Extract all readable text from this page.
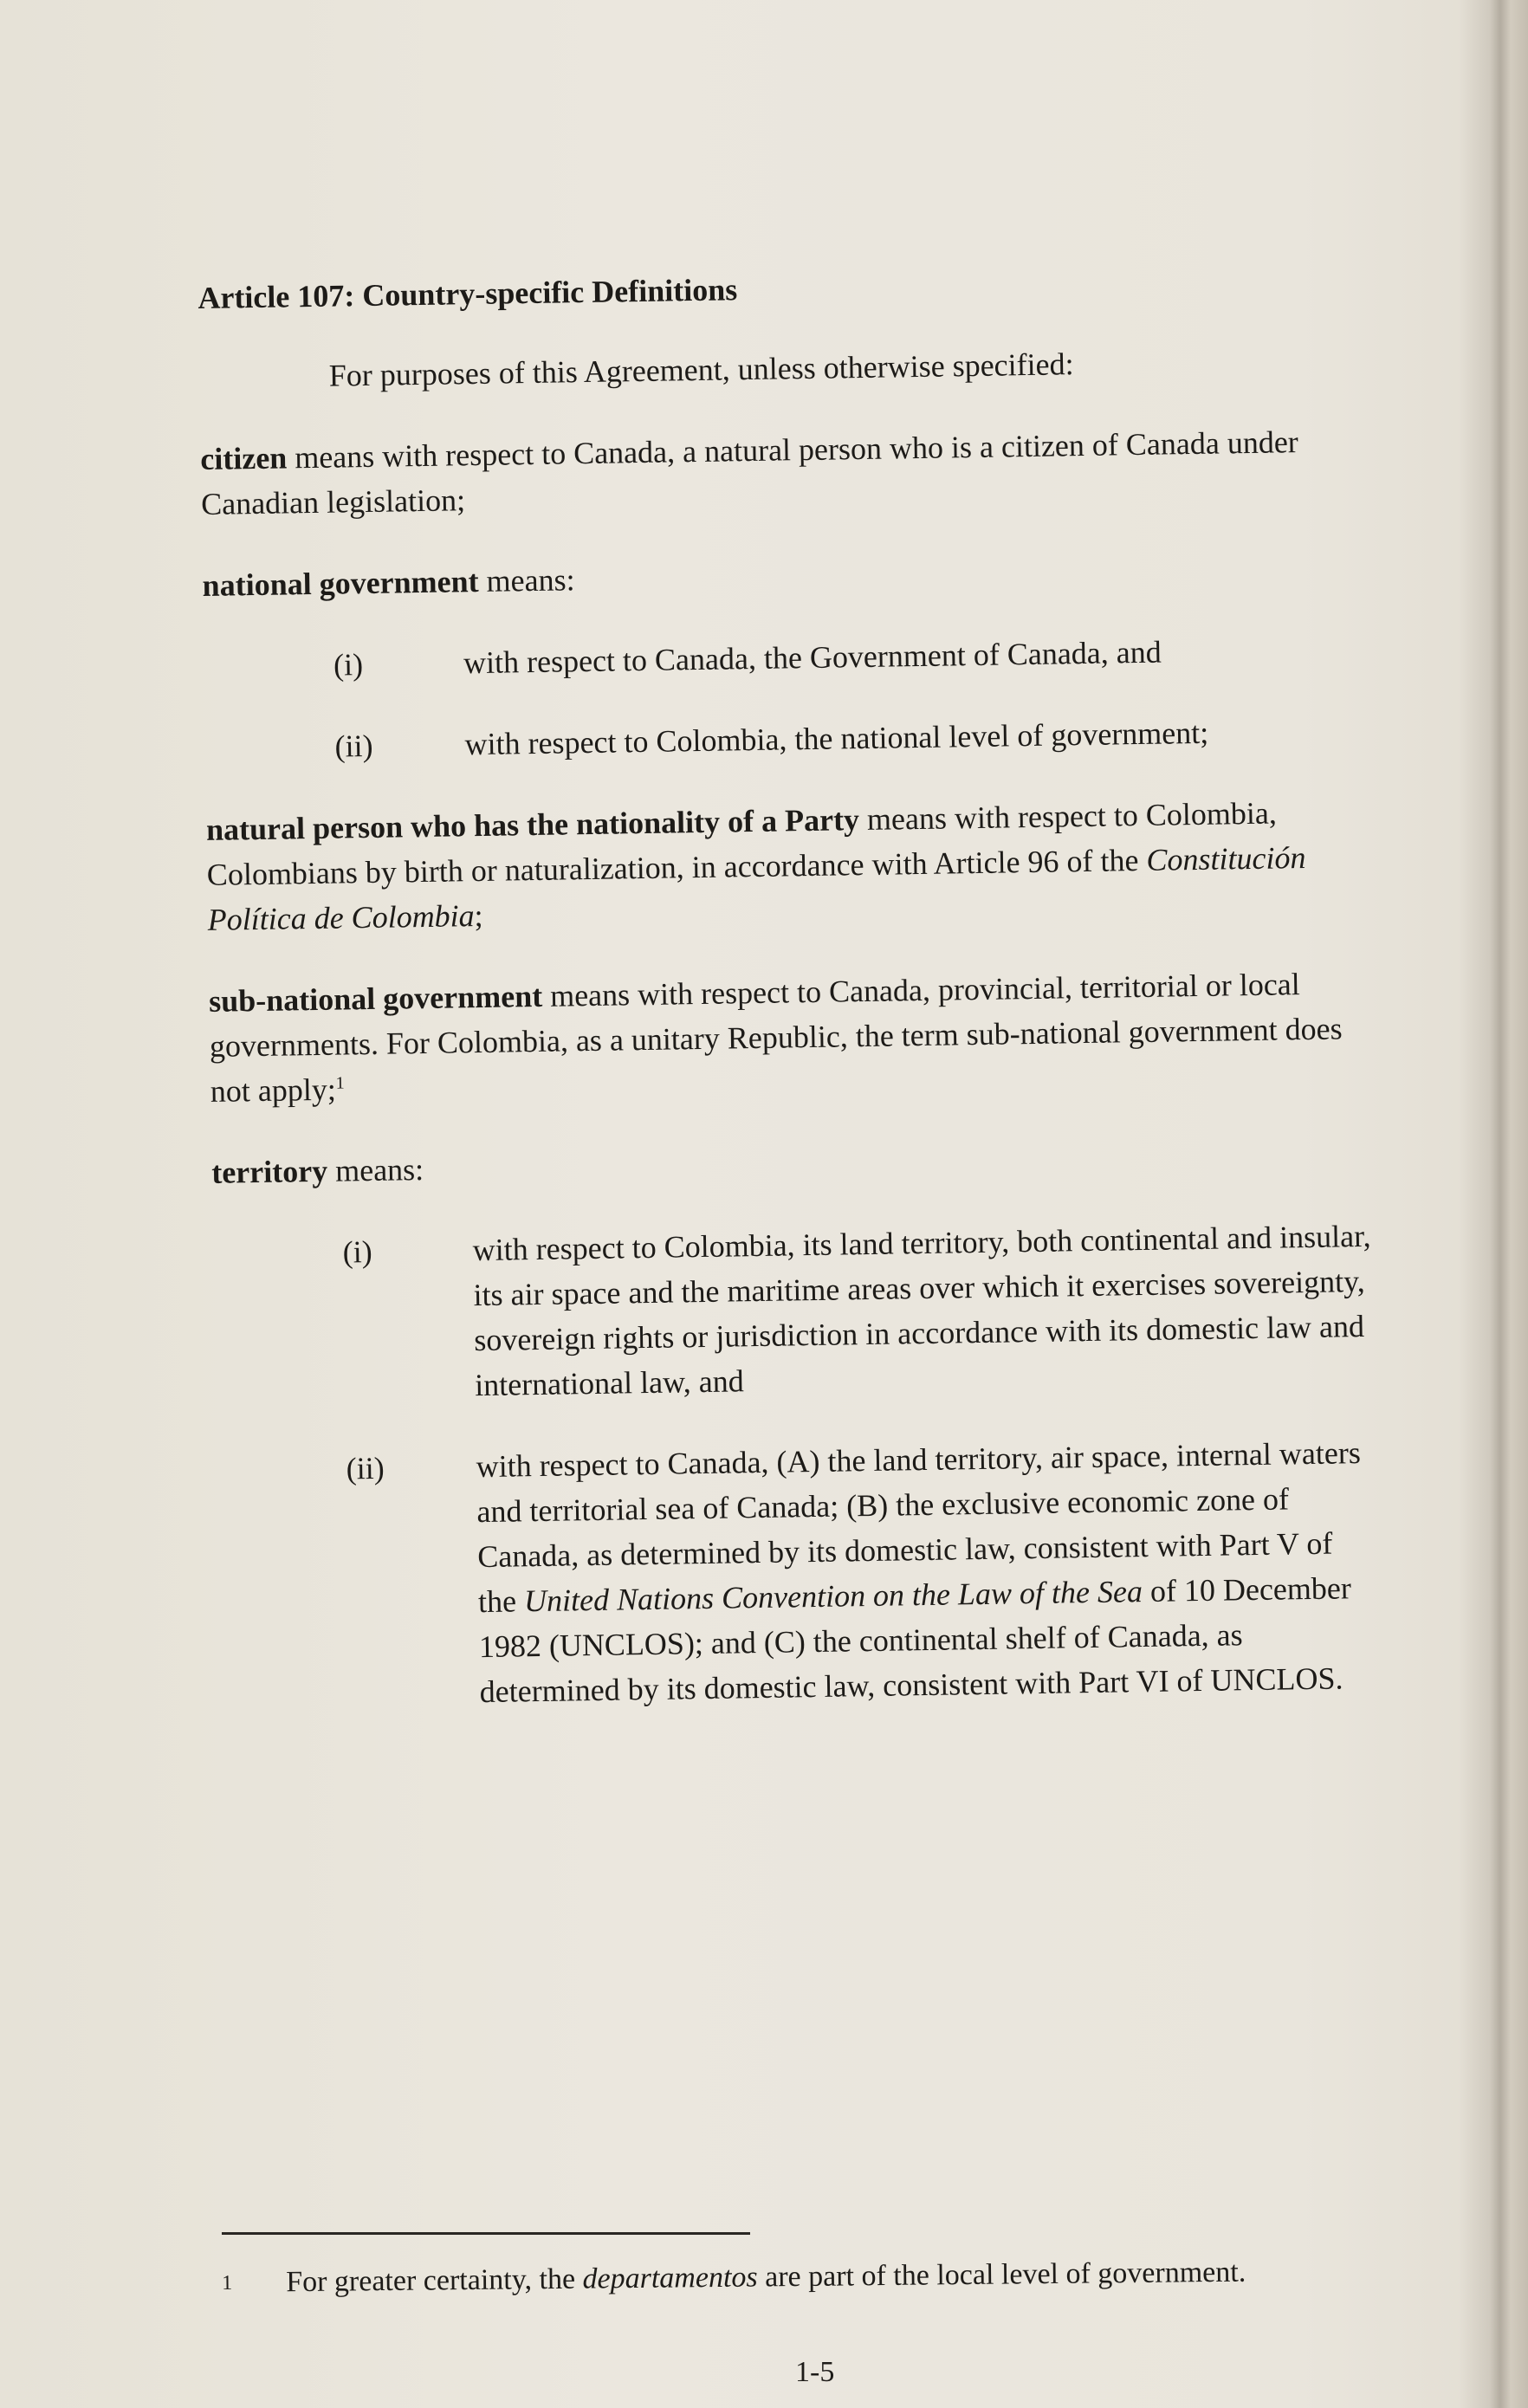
Article 107: Country-specific Definitions
For purposes of this Agreement, unless otherwise specified:
citizen means with respect to Canada, a natural person who is a citizen of Canada under Canadian legislation;
national government means:
(i)	with respect to Canada, the Government of Canada, and
(ii)	with respect to Colombia, the national level of government;
natural person who has the nationality of a Party means with respect to Colombia, Colombians by birth or naturalization, in accordance with Article 96 of the Constitución Política de Colombia;
sub-national government means with respect to Canada, provincial, territorial or local governments. For Colombia, as a unitary Republic, the term sub-national government does not apply;$^1$
territory means:
(i)	with respect to Colombia, its land territory, both continental and insular, its air space and the maritime areas over which it exercises sovereignty, sovereign rights or jurisdiction in accordance with its domestic law and international law, and
(ii)	with respect to Canada, (A) the land territory, air space, internal waters and territorial sea of Canada; (B) the exclusive economic zone of Canada, as determined by its domestic law, consistent with Part V of the United Nations Convention on the Law of the Sea of 10 December 1982 (UNCLOS); and (C) the continental shelf of Canada, as determined by its domestic law, consistent with Part VI of UNCLOS.
1	For greater certainty, the departamentos are part of the local level of government.
1-5
